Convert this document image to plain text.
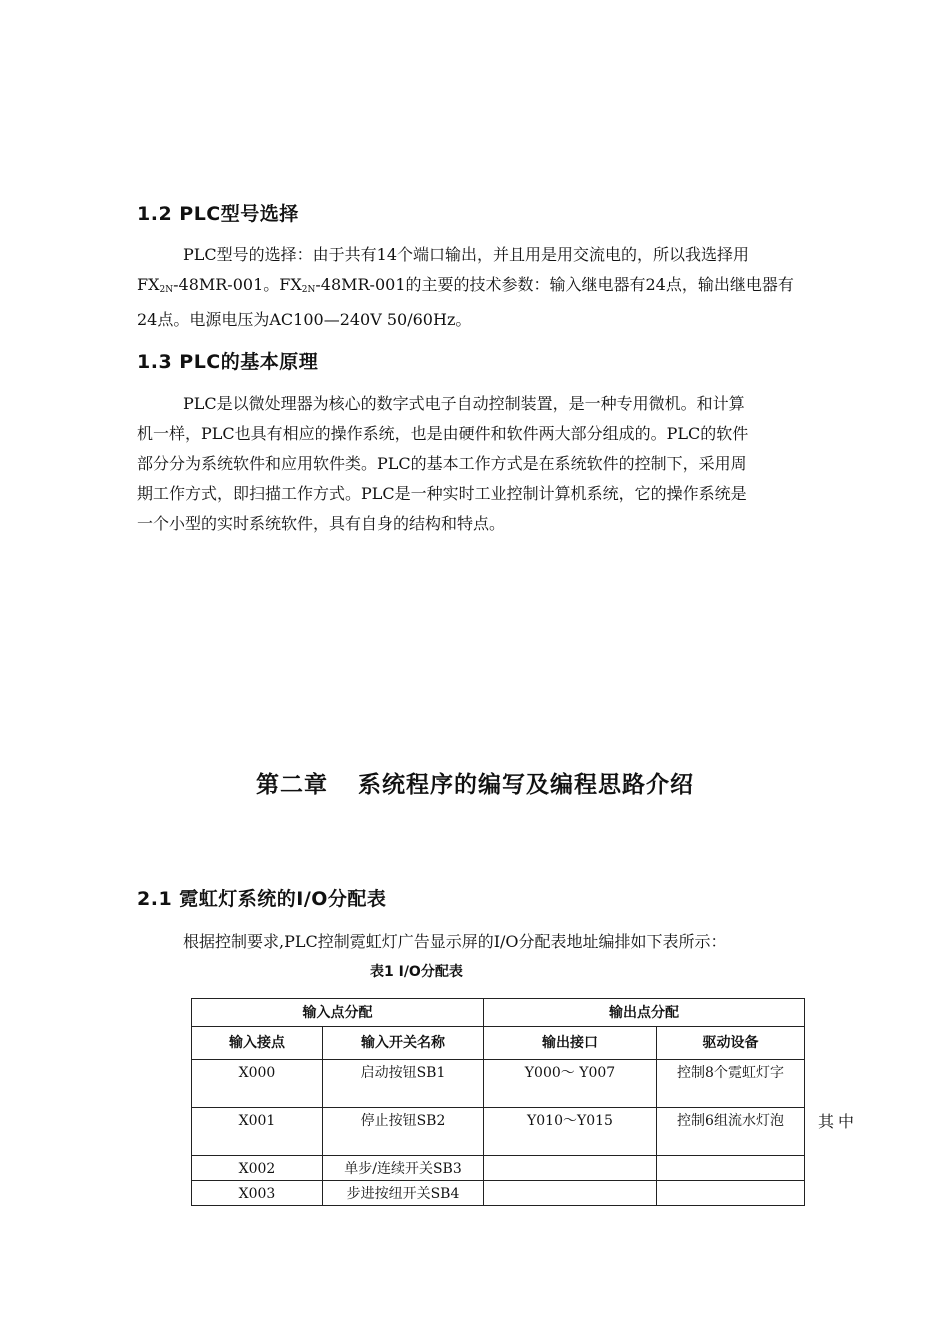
1.2 PLC型号选择
PLC型号的选择：由于共有14个端口输出，并且用是用交流电的，所以我选择用
$FX_{2N}-48MR-001$。$FX_{2N}-48MR-001$的主要的技术参数：输入继电器有24点，输出继电器有
24点。电源电压为AC100—240V 50/60Hz。
1.3 PLC的基本原理
PLC是以微处理器为核心的数字式电子自动控制装置，是一种专用微机。和计算
机一样，PLC也具有相应的操作系统，也是由硬件和软件两大部分组成的。PLC的软件
部分分为系统软件和应用软件类。PLC的基本工作方式是在系统软件的控制下，采用周
期工作方式，即扫描工作方式。PLC是一种实时工业控制计算机系统，它的操作系统是
一个小型的实时系统软件，具有自身的结构和特点。
第二章 系统程序的编写及编程思路介绍
2.1 霓虹灯系统的I/O分配表
根据控制要求,PLC控制霓虹灯广告显示屏的I/O分配表地址编排如下表所示：
表1 I/O分配表
输入点分配		输出点分配	
输入接点	输入开关名称	输出接口	驱动设备
X000	启动按钮SB1	Y000～ Y007	控制8个霓虹灯字
X001	停止按钮SB2	Y010～Y015	控制6组流水灯泡
X002	单步/连续开关SB3		
X003	步进按纽开关SB4		
其中
